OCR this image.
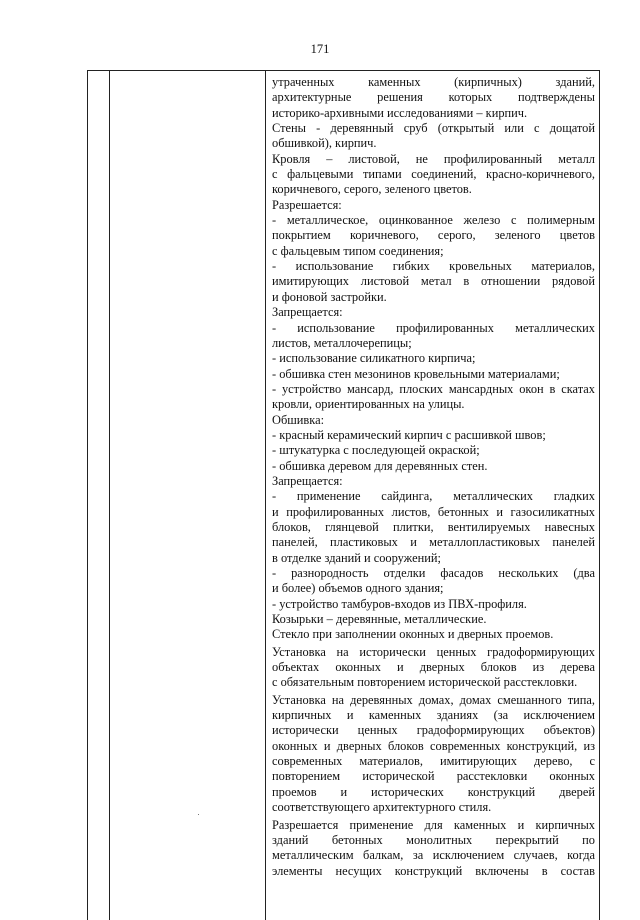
171
утраченных каменных (кирпичных) зданий,
архитектурные решения которых подтверждены
историко-архивными исследованиями – кирпич.
Стены - деревянный сруб (открытый или с дощатой
обшивкой), кирпич.
Кровля – листовой, не профилированный металл
с фальцевыми типами соединений, красно-коричневого,
коричневого, серого, зеленого цветов.
Разрешается:
- металлическое, оцинкованное железо с полимерным
покрытием коричневого, серого, зеленого цветов
с фальцевым типом соединения;
- использование гибких кровельных материалов,
имитирующих листовой метал в отношении рядовой
и фоновой застройки.
Запрещается:
- использование профилированных металлических
листов, металлочерепицы;
- использование силикатного кирпича;
- обшивка стен мезонинов кровельными материалами;
- устройство мансард, плоских мансардных окон в скатах
кровли, ориентированных на улицы.
Обшивка:
- красный керамический кирпич с расшивкой швов;
- штукатурка с последующей окраской;
- обшивка деревом для деревянных стен.
Запрещается:
- применение сайдинга, металлических гладких
и профилированных листов, бетонных и газосиликатных
блоков, глянцевой плитки, вентилируемых навесных
панелей, пластиковых и металлопластиковых панелей
в отделке зданий и сооружений;
- разнородность отделки фасадов нескольких (два
и более) объемов одного здания;
- устройство тамбуров-входов из ПВХ-профиля.
Козырьки – деревянные, металлические.
Стекло при заполнении оконных и дверных проемов.
Установка на исторически ценных градоформирующих
объектах оконных и дверных блоков из дерева
с обязательным повторением исторической расстекловки.
Установка на деревянных домах, домах смешанного типа,
кирпичных и каменных зданиях (за исключением
исторически ценных градоформирующих объектов)
оконных и дверных блоков современных конструкций, из
современных материалов, имитирующих дерево, с
повторением исторической расстекловки оконных
проемов и исторических конструкций дверей
соответствующего архитектурного стиля.
Разрешается применение для каменных и кирпичных
зданий бетонных монолитных перекрытий по
металлическим балкам, за исключением случаев, когда
элементы несущих конструкций включены в состав
